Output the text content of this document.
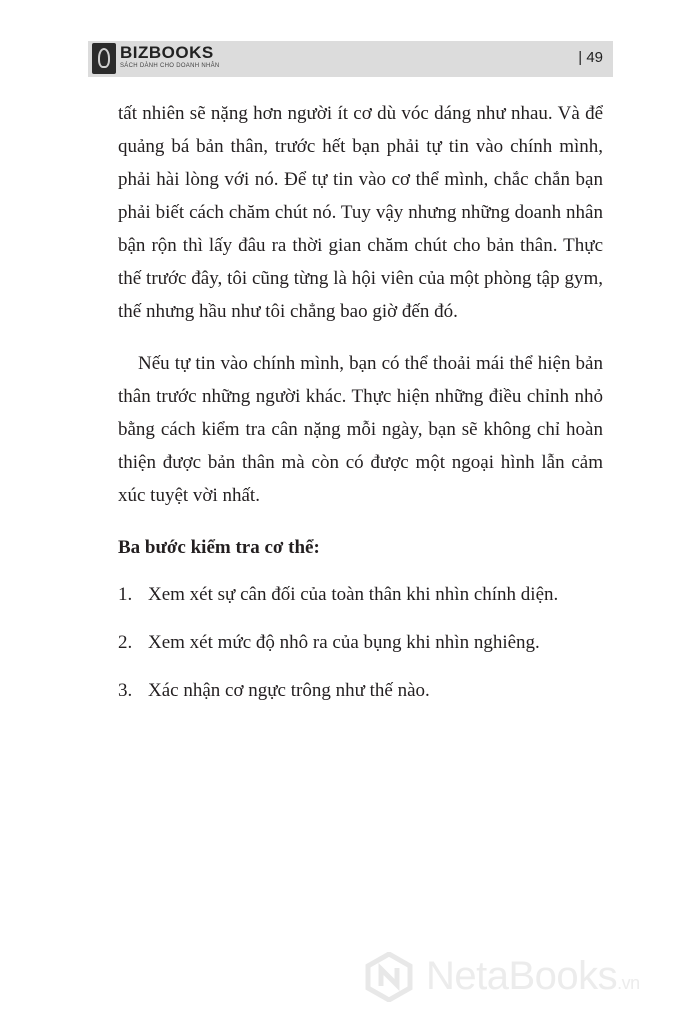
BIZBOOKS
SÁCH DÀNH CHO DOANH NHÂN	| 49

tất nhiên sẽ nặng hơn người ít cơ dù vóc dáng như nhau. Và để quảng bá bản thân, trước hết bạn phải tự tin vào chính mình, phải hài lòng với nó. Để tự tin vào cơ thể mình, chắc chắn bạn phải biết cách chăm chút nó. Tuy vậy nhưng những doanh nhân bận rộn thì lấy đâu ra thời gian chăm chút cho bản thân. Thực thế trước đây, tôi cũng từng là hội viên của một phòng tập gym, thế nhưng hầu như tôi chẳng bao giờ đến đó.

Nếu tự tin vào chính mình, bạn có thể thoải mái thể hiện bản thân trước những người khác. Thực hiện những điều chỉnh nhỏ bằng cách kiểm tra cân nặng mỗi ngày, bạn sẽ không chỉ hoàn thiện được bản thân mà còn có được một ngoại hình lẫn cảm xúc tuyệt vời nhất.

Ba bước kiểm tra cơ thể:
1. Xem xét sự cân đối của toàn thân khi nhìn chính diện.
2. Xem xét mức độ nhô ra của bụng khi nhìn nghiêng.
3. Xác nhận cơ ngực trông như thế nào.
NetaBooks.vn
